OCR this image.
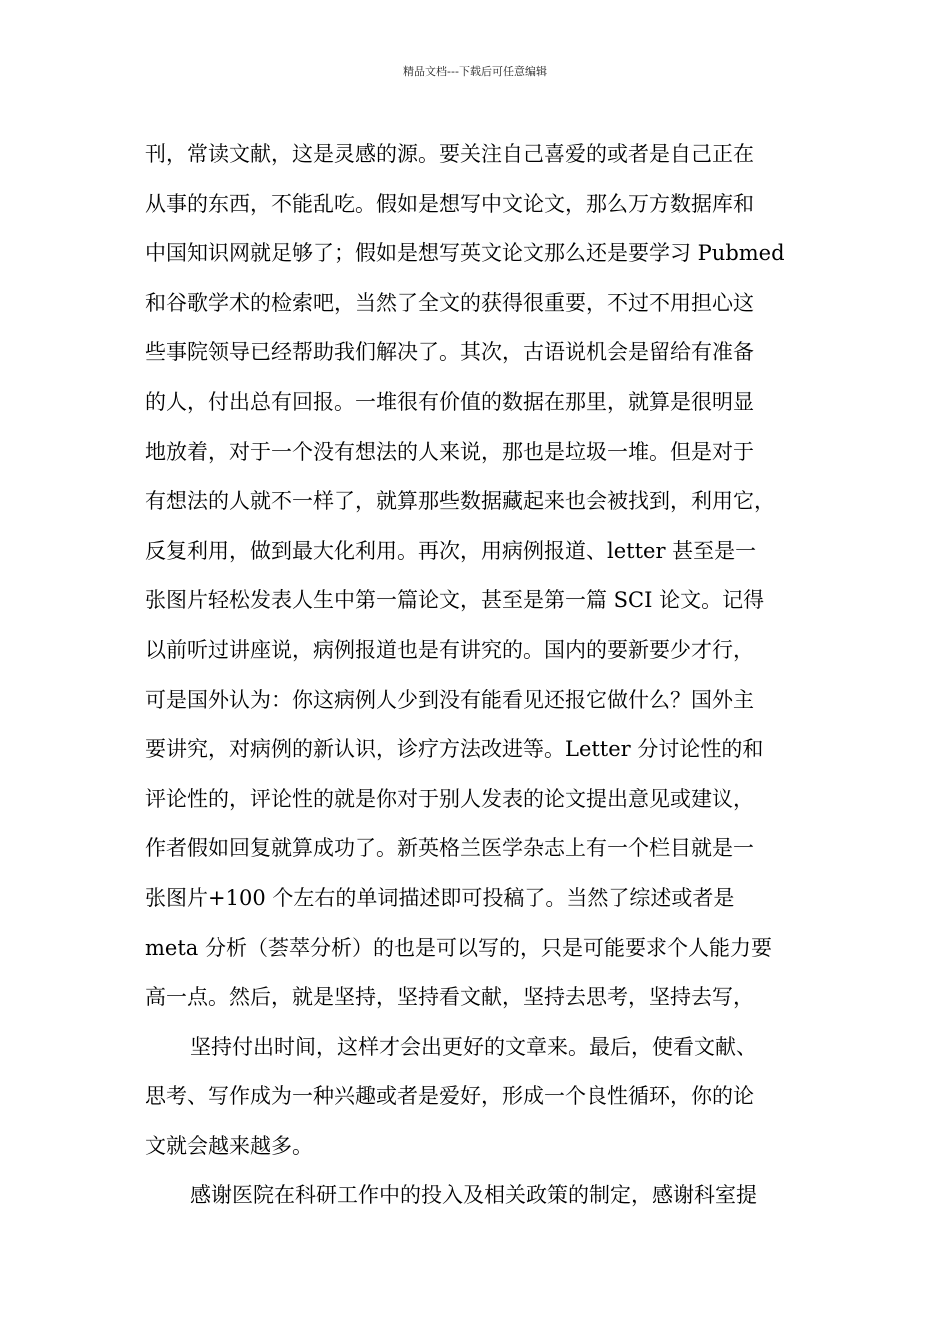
精品文档---下载后可任意编辑
刊，常读文献，这是灵感的源。要关注自己喜爱的或者是自己正在
从事的东西，不能乱吃。假如是想写中文论文，那么万方数据库和
中国知识网就足够了；假如是想写英文论文那么还是要学习 Pubmed
和谷歌学术的检索吧，当然了全文的获得很重要，不过不用担心这
些事院领导已经帮助我们解决了。其次，古语说机会是留给有准备
的人，付出总有回报。一堆很有价值的数据在那里，就算是很明显
地放着，对于一个没有想法的人来说，那也是垃圾一堆。但是对于
有想法的人就不一样了，就算那些数据藏起来也会被找到，利用它，
反复利用，做到最大化利用。再次，用病例报道、letter 甚至是一
张图片轻松发表人生中第一篇论文，甚至是第一篇 SCI 论文。记得
以前听过讲座说，病例报道也是有讲究的。国内的要新要少才行，
可是国外认为：你这病例人少到没有能看见还报它做什么？国外主
要讲究，对病例的新认识，诊疗方法改进等。Letter 分讨论性的和
评论性的，评论性的就是你对于别人发表的论文提出意见或建议，
作者假如回复就算成功了。新英格兰医学杂志上有一个栏目就是一
张图片+100 个左右的单词描述即可投稿了。当然了综述或者是
meta 分析（荟萃分析）的也是可以写的，只是可能要求个人能力要
高一点。然后，就是坚持，坚持看文献，坚持去思考，坚持去写，
坚持付出时间，这样才会出更好的文章来。最后，使看文献、
思考、写作成为一种兴趣或者是爱好，形成一个良性循环，你的论
文就会越来越多。
感谢医院在科研工作中的投入及相关政策的制定，感谢科室提
